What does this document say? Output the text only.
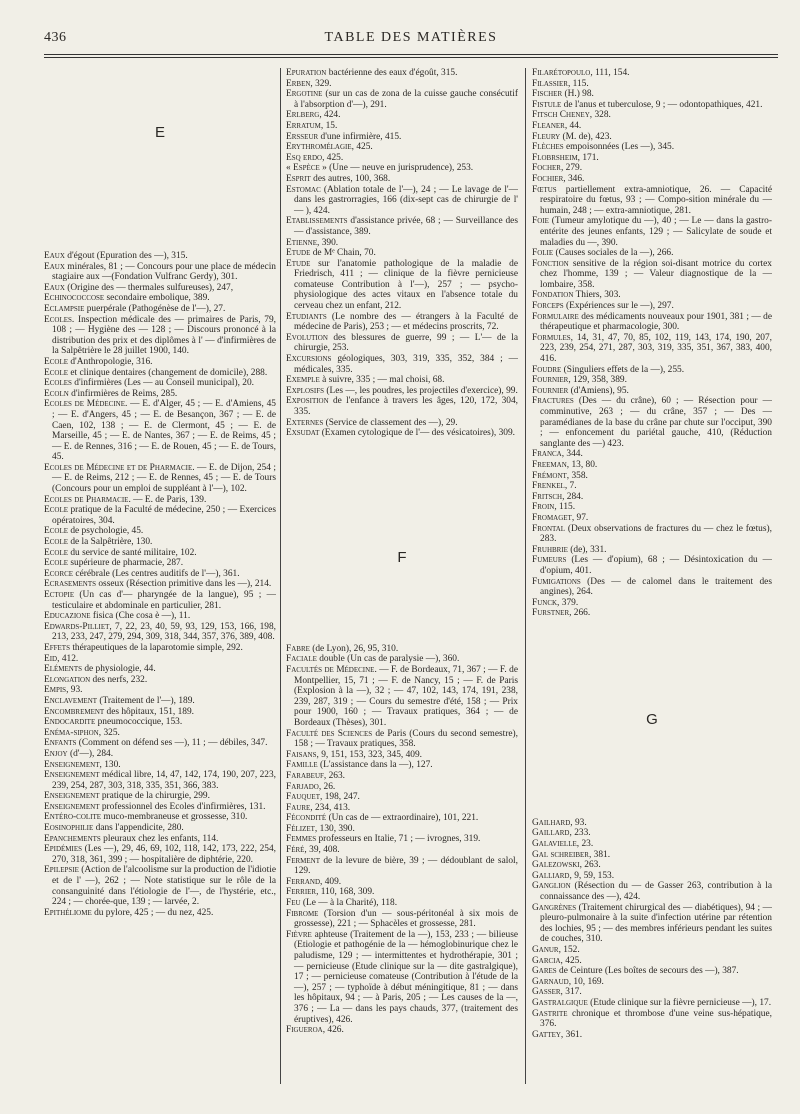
436	TABLE DES MATIÈRES
E

Eaux d'égout (Epuration des —), 315.

Eaux minérales, 81 ; — Concours pour une place de médecin stagiaire aux —(Fondation Vulfranc Gerdy), 301.

Eaux (Origine des — thermales sulfureuses), 247,

Echinococcose secondaire embolique, 389.

Eclampsie puerpérale (Pathogénèse de l'—), 27.

Ecoles. Inspection médicale des — primaires de Paris, 79, 108 ; — Hygiène des — 128 ; — Discours prononcé à la distribution des prix et des diplômes à l' — d'infirmières de la Salpêtrière le 28 juillet 1900, 140.

Ecole d'Anthropologie, 316.

Ecole et clinique dentaires (changement de domicile), 288.

Ecoles d'infirmières (Les — au Conseil municipal), 20.

Ecoln d'infirmières de Reims, 285.

Ecoles de Médecine. — E. d'Alger, 45 ; — E. d'Amiens, 45 ; — E. d'Angers, 45 ; — E. de Besançon, 367 ; — E. de Caen, 102, 138 ; — E. de Clermont, 45 ; — E. de Marseille, 45 ; — E. de Nantes, 367 ; — E. de Reims, 45 ; — E. de Rennes, 316 ; — E. de Rouen, 45 ; — E. de Tours, 45.

Ecoles de Médecine et de Pharmacie. — E. de Dijon, 254 ; — E. de Reims, 212 ; — E. de Rennes, 45 ; — E. de Tours (Concours pour un emploi de suppléant à l'—), 102.

Ecoles de Pharmacie. — E. de Paris, 139.

Ecole pratique de la Faculté de médecine, 250 ; — Exercices opératoires, 304.

Ecole de psychologie, 45.

Ecole de la Salpêtrière, 130.

Ecole du service de santé militaire, 102.

Ecole supérieure de pharmacie, 287.

Ecorce cérébrale (Les centres auditifs de l'—), 361.

Ecrasements osseux (Résection primitive dans les —), 214.

Ectopie (Un cas d'— pharyngée de la langue), 95 ; — testiculaire et abdominale en particulier, 281.

Educazione fisica (Che cosa è —), 11.

Edwards-Pilliet, 7, 22, 23, 40, 59, 93, 129, 153, 166, 198, 213, 233, 247, 279, 294, 309, 318, 344, 357, 376, 389, 408.

Effets thérapeutiques de la laparotomie simple, 292.

Eid, 412.

Eléments de physiologie, 44.

Elongation des nerfs, 232.

Empis, 93.

Enclavement (Traitement de l'—), 189.

Encombrement des hôpitaux, 151, 189.

Endocardite pneumococcique, 153.

Enéma-siphon, 325.

Enfants (Comment on défend ses —), 11 ; — débiles, 347.

Enjoy (d'—), 284.

Enseignement, 130.

Enseignement médical libre, 14, 47, 142, 174, 190, 207, 223, 239, 254, 287, 303, 318, 335, 351, 366, 383.

Enseignement pratique de la chirurgie, 299.

Enseignement professionnel des Ecoles d'infirmières, 131.

Entéro-colite muco-membraneuse et grossesse, 310.

Eosinophilie dans l'appendicite, 280.

Epanchements pleuraux chez les enfants, 114.

Epidémies (Les —), 29, 46, 69, 102, 118, 142, 173, 222, 254, 270, 318, 361, 399 ; — hospitalière de diphtérie, 220.

Epilepsie (Action de l'alcoolisme sur la production de l'idiotie et de l' —), 262 ; — Note statistique sur le rôle de la consanguinité dans l'étiologie de l'—, de l'hystérie, etc., 224 ; — chorée-que, 139 ; — larvée, 2.

Epithéliome du pylore, 425 ; — du nez, 425.

Epuration bactérienne des eaux d'égoût, 315.

Erben, 329.

Ergotine (sur un cas de zona de la cuisse gauche consécutif à l'absorption d'—), 291.

Erlberg, 424.

Erratum, 15.

Ersseur d'une infirmière, 415.

Erythromélagie, 425.

Esq erdo, 425.

« Espèce » (Une — neuve en jurisprudence), 253.

Esprit des autres, 100, 368.

Estomac (Ablation totale de l'—), 24 ; — Le lavage de l'— dans les gastrorragies, 166 (dix-sept cas de chirurgie de l' — ), 424.

Etablissements d'assistance privée, 68 ; — Surveillance des — d'assistance, 389.

Etienne, 390.

Etude de Mᵉ Chain, 70.

Etude sur l'anatomie pathologique de la maladie de Friedrisch, 411 ; — clinique de la fièvre pernicieuse comateuse Contribution à l'—), 257 ; — psycho-physiologique des actes vitaux en l'absence totale du cerveau chez un enfant, 212.

Etudiants (Le nombre des — étrangers à la Faculté de médecine de Paris), 253 ; — et médecins proscrits, 72.

Evolution des blessures de guerre, 99 ; — L'— de la chirurgie, 253.

Excursions géologiques, 303, 319, 335, 352, 384 ; — médicales, 335.

Exemple à suivre, 335 ; — mal choisi, 68.

Explosifs (Les —, les poudres, les projectiles d'exercice), 99.

Exposition de l'enfance à travers les âges, 120, 172, 304, 335.

Externes (Service de classement des —), 29.

Exsudat (Examen cytologique de l'— des vésicatoires), 309.

F

Fabre (de Lyon), 26, 95, 310.

Faciale double (Un cas de paralysie —), 360.

Facultés de Médecine. — F. de Bordeaux, 71, 367 ; — F. de Montpellier, 15, 71 ; — F. de Nancy, 15 ; — F. de Paris (Explosion à la —), 32 ; — 47, 102, 143, 174, 191, 238, 239, 287, 319 ; — Cours du semestre d'été, 158 ; — Prix pour 1900, 160 ; — Travaux pratiques, 364 ; — de Bordeaux (Thèses), 301.

Faculté des Sciences de Paris (Cours du second semestre), 158 ; — Travaux pratiques, 358.

Faisans, 9, 151, 153, 323, 345, 409.

Famille (L'assistance dans la —), 127.

Farabeuf, 263.

Farjado, 26.

Fauquet, 198, 247.

Faure, 234, 413.

Fécondité (Un cas de — extraordinaire), 101, 221.

Félizet, 130, 390.

Femmes professeurs en Italie, 71 ; — ivrognes, 319.

Féré, 39, 408.

Ferment de la levure de bière, 39 ; — dédoublant de salol, 129.

Ferrand, 409.

Ferrier, 110, 168, 309.

Feu (Le — à la Charité), 118.

Fibrome (Torsion d'un — sous-péritonéal à six mois de grossesse), 221 ; — Sphacèles et grossesse, 281.

Fièvre aphteuse (Traitement de la —), 153, 233 ; — bilieuse (Etiologie et pathogénie de la — hémoglobinurique chez le paludisme, 129 ; — intermittentes et hydrothérapie, 301 ; — pernicieuse (Etude clinique sur la — dite gastralgique), 17 ; — pernicieuse comateuse (Contribution à l'étude de la —), 257 ; — typhoïde à début méningitique, 81 ; — dans les hôpitaux, 94 ; — à Paris, 205 ; — Les causes de la —, 376 ; — La — dans les pays chauds, 377, (traitement des éruptives), 426.

Figueroa, 426.

Filarétopoulo, 111, 154.

Filassier, 115.

Fischer (H.) 98.

Fistule de l'anus et tuberculose, 9 ; — odontopathiques, 421.

Fitsch Cheney, 328.

Fleaner, 44.

Fleury (M. de), 423.

Flèches empoisonnées (Les —), 345.

Flobrsheim, 171.

Focher, 279.

Fochier, 346.

Fœtus partiellement extra-amniotique, 26. — Capacité respiratoire du fœtus, 93 ; — Compo-sition minérale du — humain, 248 ; — extra-amniotique, 281.

Foie (Tumeur amylotique du —), 40 ; — Le — dans la gastro-entérite des jeunes enfants, 129 ; — Salicylate de soude et maladies du —, 390.

Folie (Causes sociales de la —), 266.

Fonction sensitive de la région soi-disant motrice du cortex chez l'homme, 139 ; — Valeur diagnostique de la — lombaire, 358.

Fondation Thiers, 303.

Forceps (Expériences sur le —), 297.

Formulaire des médicaments nouveaux pour 1901, 381 ; — de thérapeutique et pharmacologie, 300.

Formules, 14, 31, 47, 70, 85, 102, 119, 143, 174, 190, 207, 223, 239, 254, 271, 287, 303, 319, 335, 351, 367, 383, 400, 416.

Foudre (Singuliers effets de la —), 255.

Fournier, 129, 358, 389.

Fournier (d'Amiens), 95.

Fractures (Des — du crâne), 60 ; — Résection pour — comminutive, 263 ; — du crâne, 357 ; — Des — paramédianes de la base du crâne par chute sur l'occiput, 390 ; — enfoncement du pariétal gauche, 410, (Réduction sanglante des —) 423.

Franca, 344.

Freeman, 13, 80.

Frémont, 358.

Frenkel, 7.

Fritsch, 284.

Froin, 115.

Fromaget, 97.

Frontal (Deux observations de fractures du — chez le fœtus), 283.

Fruhbrie (de), 331.

Fumeurs (Les — d'opium), 68 ; — Désintoxication du — d'opium, 401.

Fumigations (Des — de calomel dans le traitement des angines), 264.

Funck, 379.

Furstner, 266.

G

Gailhard, 93.

Gaillard, 233.

Galavielle, 23.

Gal schreiber, 381.

Galezowski, 263.

Galliard, 9, 59, 153.

Ganglion (Résection du — de Gasser 263, contribution à la connaissance des —), 424.

Gangrènes (Traitement chirurgical des — diabétiques), 94 ; — pleuro-pulmonaire à la suite d'infection utérine par rétention des lochies, 95 ; — des membres inférieurs pendant les suites de couches, 310.

Ganur, 152.

Garcia, 425.

Gares de Ceinture (Les boîtes de secours des —), 387.

Garnaud, 10, 169.

Gasser, 317.

Gastralgique (Etude clinique sur la fièvre pernicieuse —), 17.

Gastrite chronique et thrombose d'une veine sus-hépatique, 376.

Gattey, 361.
